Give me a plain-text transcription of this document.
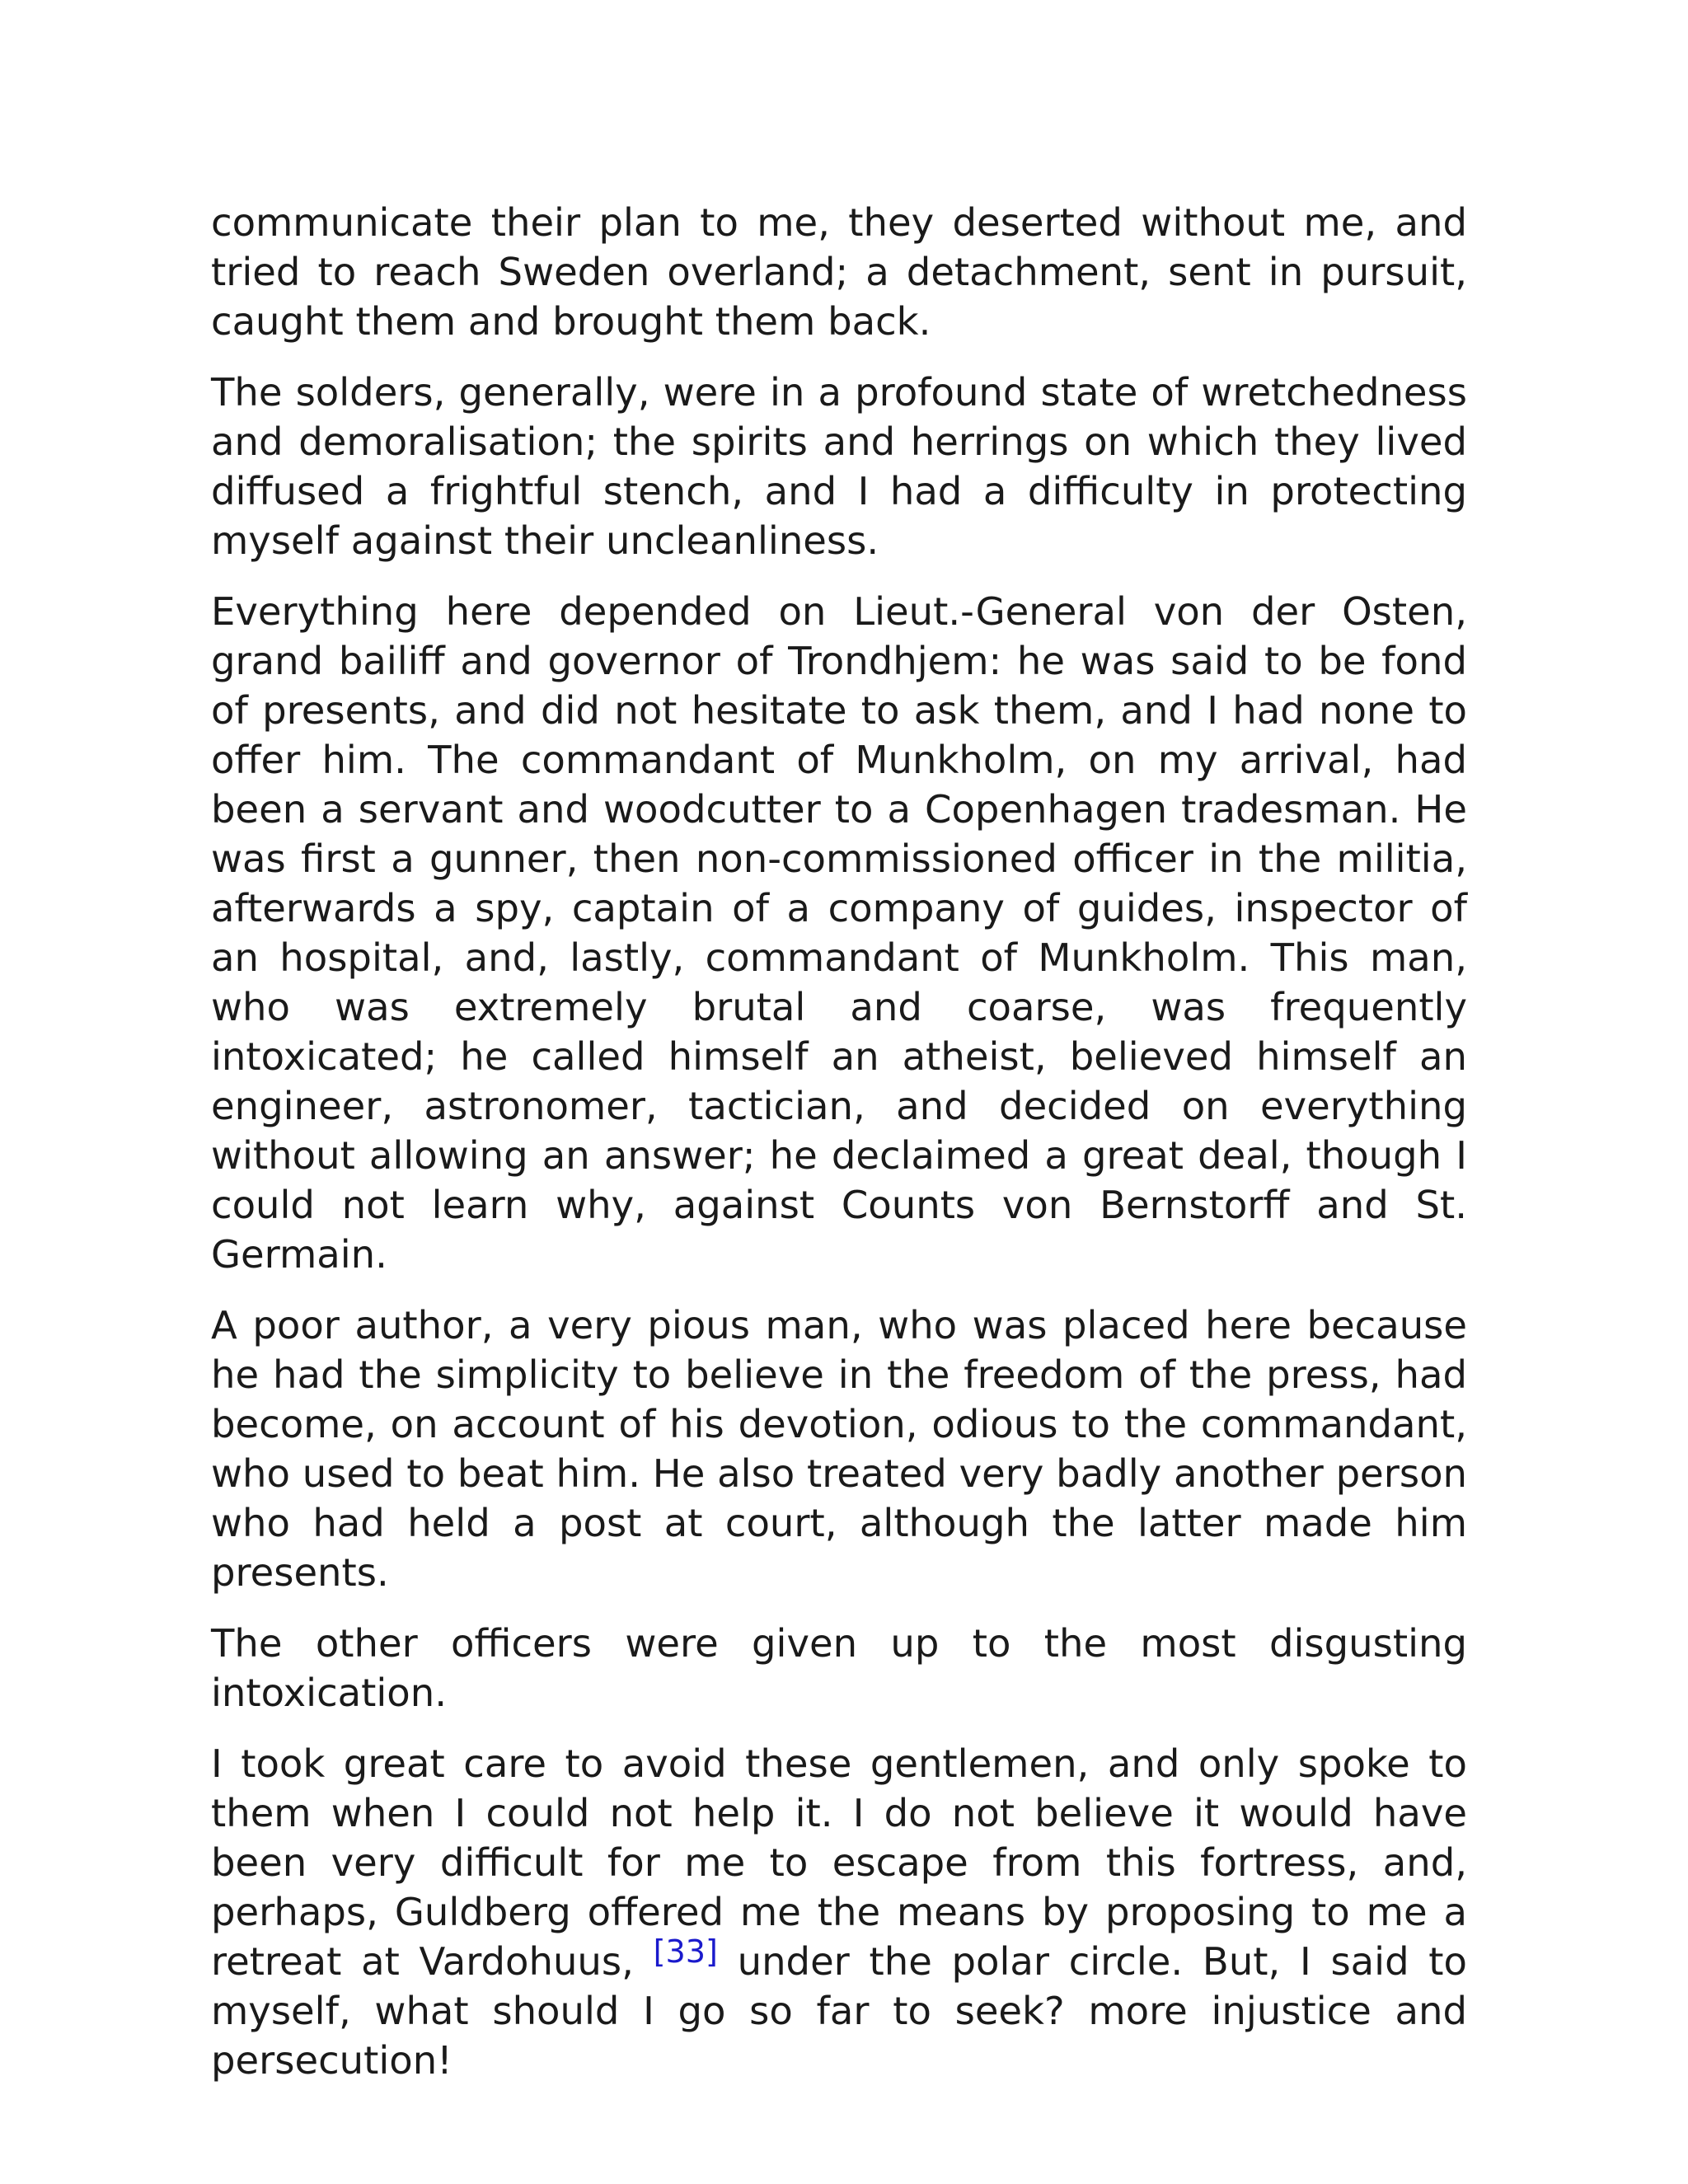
communicate their plan to me, they deserted without me, and tried to reach Sweden overland; a detachment, sent in pursuit, caught them and brought them back.

The solders, generally, were in a profound state of wretchedness and demoralisation; the spirits and herrings on which they lived diffused a frightful stench, and I had a difficulty in protecting myself against their uncleanliness.

Everything here depended on Lieut.-General von der Osten, grand bailiff and governor of Trondhjem: he was said to be fond of presents, and did not hesitate to ask them, and I had none to offer him. The commandant of Munkholm, on my arrival, had been a servant and woodcutter to a Copenhagen tradesman. He was first a gunner, then non-commissioned officer in the militia, afterwards a spy, captain of a company of guides, inspector of an hospital, and, lastly, commandant of Munkholm. This man, who was extremely brutal and coarse, was frequently intoxicated; he called himself an atheist, believed himself an engineer, astronomer, tactician, and decided on everything without allowing an answer; he declaimed a great deal, though I could not learn why, against Counts von Bernstorff and St. Germain.

A poor author, a very pious man, who was placed here because he had the simplicity to believe in the freedom of the press, had become, on account of his devotion, odious to the commandant, who used to beat him. He also treated very badly another person who had held a post at court, although the latter made him presents.

The other officers were given up to the most disgusting intoxication.

I took great care to avoid these gentlemen, and only spoke to them when I could not help it. I do not believe it would have been very difficult for me to escape from this fortress, and, perhaps, Guldberg offered me the means by proposing to me a retreat at Vardohuus, [33] under the polar circle. But, I said to myself, what should I go so far to seek? more injustice and persecution!
